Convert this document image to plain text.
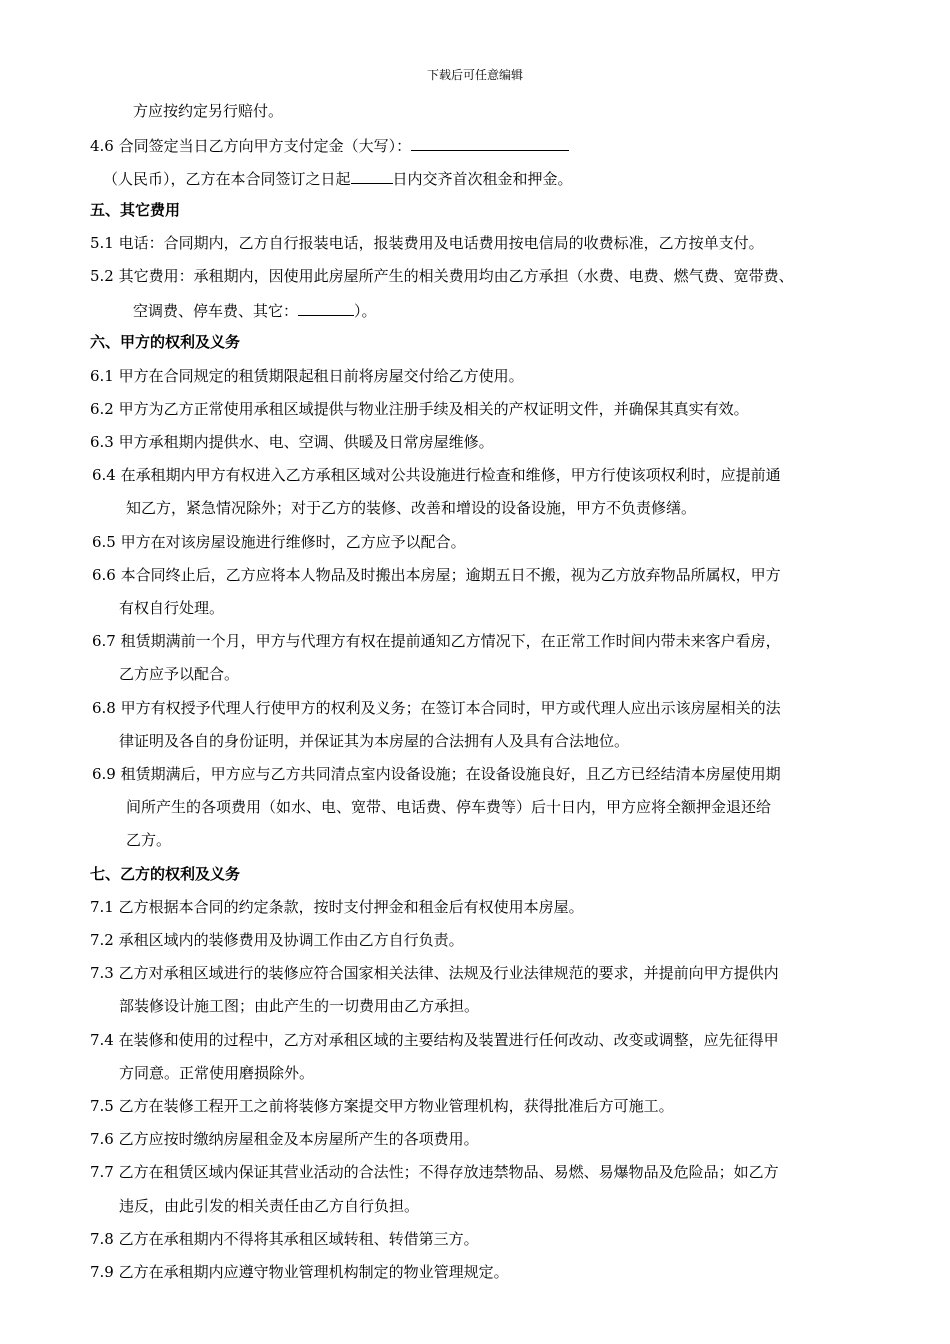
下载后可任意编辑
方应按约定另行赔付。
4.6 合同签定当日乙方向甲方支付定金（大写）：
（人民币），乙方在本合同签订之日起	日内交齐首次租金和押金。
五、其它费用
5.1 电话：合同期内，乙方自行报装电话，报装费用及电话费用按电信局的收费标准，乙方按单支付。
5.2 其它费用：承租期内，因使用此房屋所产生的相关费用均由乙方承担（水费、电费、燃气费、宽带费、
空调费、停车费、其它：	）。
六、甲方的权利及义务
6.1 甲方在合同规定的租赁期限起租日前将房屋交付给乙方使用。
6.2 甲方为乙方正常使用承租区域提供与物业注册手续及相关的产权证明文件，并确保其真实有效。
6.3 甲方承租期内提供水、电、空调、供暖及日常房屋维修。
6.4 在承租期内甲方有权进入乙方承租区域对公共设施进行检查和维修，甲方行使该项权利时，应提前通
知乙方，紧急情况除外；对于乙方的装修、改善和增设的设备设施，甲方不负责修缮。
6.5 甲方在对该房屋设施进行维修时，乙方应予以配合。
6.6 本合同终止后，乙方应将本人物品及时搬出本房屋；逾期五日不搬，视为乙方放弃物品所属权，甲方
有权自行处理。
6.7 租赁期满前一个月，甲方与代理方有权在提前通知乙方情况下，在正常工作时间内带未来客户看房，
乙方应予以配合。
6.8 甲方有权授予代理人行使甲方的权利及义务；在签订本合同时，甲方或代理人应出示该房屋相关的法
律证明及各自的身份证明，并保证其为本房屋的合法拥有人及具有合法地位。
6.9 租赁期满后，甲方应与乙方共同清点室内设备设施；在设备设施良好，且乙方已经结清本房屋使用期
间所产生的各项费用（如水、电、宽带、电话费、停车费等）后十日内，甲方应将全额押金退还给
乙方。
七、乙方的权利及义务
7.1 乙方根据本合同的约定条款，按时支付押金和租金后有权使用本房屋。
7.2 承租区域内的装修费用及协调工作由乙方自行负责。
7.3 乙方对承租区域进行的装修应符合国家相关法律、法规及行业法律规范的要求，并提前向甲方提供内
部装修设计施工图；由此产生的一切费用由乙方承担。
7.4 在装修和使用的过程中，乙方对承租区域的主要结构及装置进行任何改动、改变或调整，应先征得甲
方同意。正常使用磨损除外。
7.5 乙方在装修工程开工之前将装修方案提交甲方物业管理机构，获得批准后方可施工。
7.6 乙方应按时缴纳房屋租金及本房屋所产生的各项费用。
7.7 乙方在租赁区域内保证其营业活动的合法性；不得存放违禁物品、易燃、易爆物品及危险品；如乙方
违反，由此引发的相关责任由乙方自行负担。
7.8 乙方在承租期内不得将其承租区域转租、转借第三方。
7.9 乙方在承租期内应遵守物业管理机构制定的物业管理规定。
